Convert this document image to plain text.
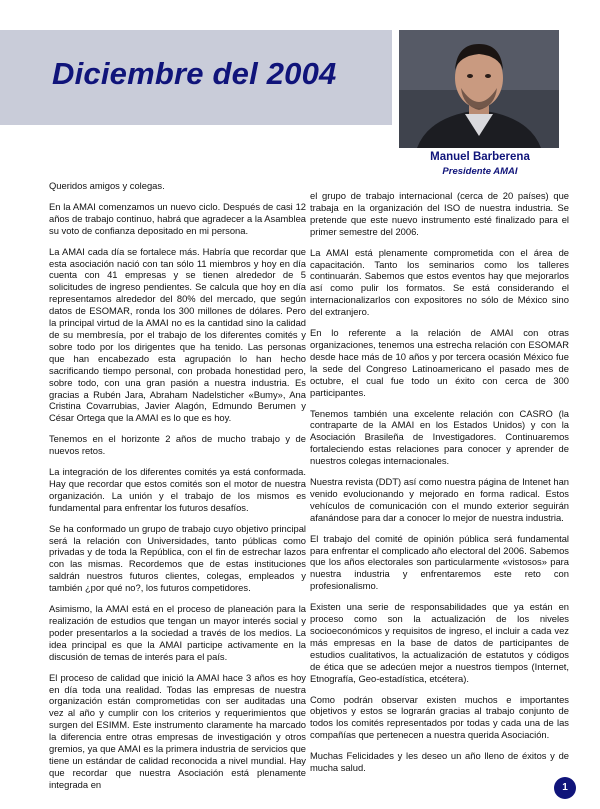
Diciembre del 2004
Manuel Barberena
Presidente AMAI

Queridos amigos y colegas.

En la AMAI comenzamos un nuevo ciclo. Después de casi 12 años de trabajo continuo, habrá que agradecer a la Asamblea su voto de confianza depositado en mi persona.

La AMAI cada día se fortalece más. Habría que recordar que esta asociación nació con tan sólo 11 miembros y hoy en día cuenta con 41 empresas y se tienen alrededor de 5 solicitudes de ingreso pendientes. Se calcula que hoy en día representamos alrededor del 80% del mercado, que según datos de ESOMAR, ronda los 300 millones de dólares. Pero la principal virtud de la AMAI no es la cantidad sino la calidad de su membresía, por el trabajo de los diferentes comités y sobre todo por los dirigentes que ha tenido. Las personas que han encabezado esta agrupación lo han hecho sacrificando tiempo personal, con probada honestidad pero, sobre todo, con una gran pasión a nuestra industria. Es gracias a Rubén Jara, Abraham Nadelsticher «Bumy», Ana Cristina Covarrubias, Javier Alagón, Edmundo Berumen y César Ortega que la AMAI es lo que es hoy.

Tenemos en el horizonte 2 años de mucho trabajo y de nuevos retos.

La integración de los diferentes comités ya está conformada. Hay que recordar que estos comités son el motor de nuestra organización. La unión y el trabajo de los mismos es fundamental para enfrentar los futuros desafíos.

Se ha conformado un grupo de trabajo cuyo objetivo principal será la relación con Universidades, tanto públicas como privadas y de toda la República, con el fin de estrechar lazos con las mismas. Recordemos que de estas instituciones saldrán nuestros futuros clientes, colegas, empleados y también ¿por qué no?, los futuros competidores.

Asimismo, la AMAI está en el proceso de planeación para la realización de estudios que tengan un mayor interés social y poder presentarlos a la sociedad a través de los medios. La idea principal es que la AMAI participe activamente en la discusión de temas de interés para el país.

El proceso de calidad que inició la AMAI hace 3 años es hoy en día toda una realidad. Todas las empresas de nuestra organización están comprometidas con ser auditadas una vez al año y cumplir con los criterios y requerimientos que surgen del ESIMM. Este instrumento claramente ha marcado la diferencia entre otras empresas de investigación y otros gremios, ya que AMAI es la primera industria de servicios que tiene un estándar de calidad reconocida a nivel mundial. Hay que recordar que nuestra Asociación está plenamente integrada en

el grupo de trabajo internacional (cerca de 20 países) que trabaja en la organización del ISO de nuestra industria. Se pretende que este nuevo instrumento esté finalizado para el primer semestre del 2006.

La AMAI está plenamente comprometida con el área de capacitación. Tanto los seminarios como los talleres continuarán. Sabemos que estos eventos hay que mejorarlos así como pulir los formatos. Se está considerando el internacionalizarlos con expositores no sólo de México sino del extranjero.

En lo referente a la relación de AMAI con otras organizaciones, tenemos una estrecha relación con ESOMAR desde hace más de 10 años y por tercera ocasión México fue la sede del Congreso Latinoamericano el pasado mes de octubre, el cual fue todo un éxito con cerca de 300 participantes.

Tenemos también una excelente relación con CASRO (la contraparte de la AMAI en los Estados Unidos) y con la Asociación Brasileña de Investigadores. Continuaremos fortaleciendo estas relaciones para conocer y aprender de nuestros colegas internacionales.

Nuestra revista (DDT) así como nuestra página de Intenet han venido evolucionando y mejorado en forma radical. Estos vehículos de comunicación con el mundo exterior seguirán afanándose para dar a conocer lo mejor de nuestra industria.

El trabajo del comité de opinión pública será fundamental para enfrentar el complicado año electoral del 2006. Sabemos que los años electorales son particularmente «vistosos» para nuestra industria y enfrentaremos este reto con profesionalismo.

Existen una serie de responsabilidades que ya están en proceso como son la actualización de los niveles socioeconómicos y requisitos de ingreso, el incluir a cada vez más empresas en la base de datos de participantes de estudios cualitativos, la actualización de estatutos y códigos de ética que se adecúen mejor a nuestros tiempos (Internet, Etnografía, Geo-estadística, etcétera).

Como podrán observar existen muchos e importantes objetivos y estos se lograrán gracias al trabajo conjunto de todos los comités representados por todas y cada una de las compañías que pertenecen a nuestra querida Asociación.

Muchas Felicidades y les deseo un año lleno de éxitos y de mucha salud.

1
